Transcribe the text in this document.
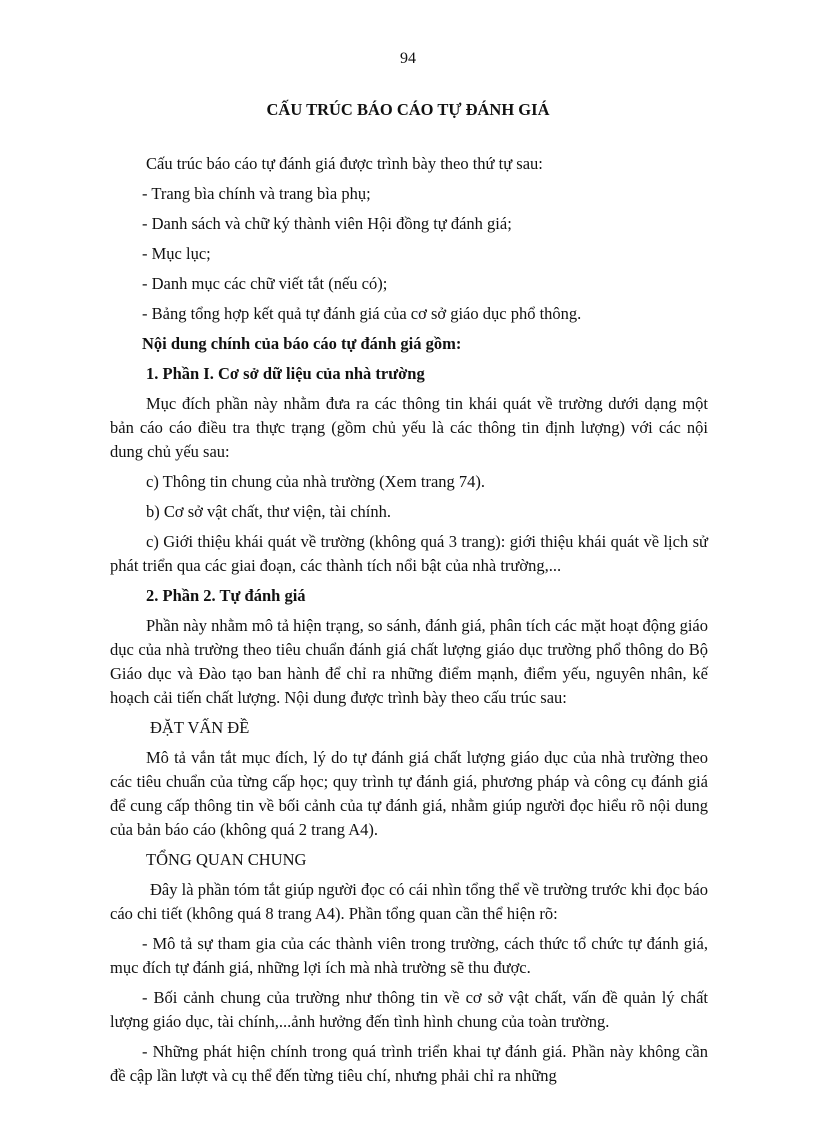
94
CẤU TRÚC BÁO CÁO TỰ ĐÁNH GIÁ

Cấu trúc báo cáo tự đánh giá được trình bày theo thứ tự sau:

- Trang bìa chính và trang bìa phụ;

- Danh sách và chữ ký thành viên Hội đồng tự đánh giá;

- Mục lục;

- Danh mục các chữ viết tắt (nếu có);

- Bảng tổng hợp kết quả tự đánh giá của cơ sở giáo dục phổ thông.

Nội dung chính của báo cáo tự đánh giá gồm:

1. Phần I. Cơ sở dữ liệu của nhà trường

Mục đích phần này nhằm đưa ra các thông tin khái quát về trường dưới dạng một bản cáo cáo điều tra thực trạng (gồm chủ yếu là các thông tin định lượng) với các nội dung chủ yếu sau:

c) Thông tin chung của nhà trường (Xem trang 74).

b) Cơ sở vật chất, thư viện, tài chính.

c) Giới thiệu khái quát về trường (không quá 3 trang): giới thiệu khái quát về lịch sử phát triển qua các giai đoạn, các thành tích nổi bật của nhà trường,...

2. Phần 2. Tự đánh giá

Phần này nhằm mô tả hiện trạng, so sánh, đánh giá, phân tích các mặt hoạt động giáo dục của nhà trường theo tiêu chuẩn đánh giá chất lượng giáo dục trường phổ thông do Bộ Giáo dục và Đào tạo ban hành để chỉ ra những điểm mạnh, điểm yếu, nguyên nhân, kế hoạch cải tiến chất lượng. Nội dung được trình bày theo cấu trúc sau:

ĐẶT VẤN ĐỀ

Mô tả vắn tắt mục đích, lý do tự đánh giá chất lượng giáo dục của nhà trường theo các tiêu chuẩn của từng cấp học; quy trình tự đánh giá, phương pháp và công cụ đánh giá để cung cấp thông tin về bối cảnh của tự đánh giá, nhằm giúp người đọc hiểu rõ nội dung của bản báo cáo (không quá 2 trang A4).

TỔNG QUAN CHUNG

Đây là phần tóm tắt giúp người đọc có cái nhìn tổng thể về trường trước khi đọc báo cáo chi tiết (không quá 8 trang A4). Phần tổng quan cần thể hiện rõ:

- Mô tả sự tham gia của các thành viên trong trường, cách thức tổ chức tự đánh giá, mục đích tự đánh giá, những lợi ích mà nhà trường sẽ thu được.

- Bối cảnh chung của trường như thông tin về cơ sở vật chất, vấn đề quản lý chất lượng giáo dục, tài chính,...ảnh hưởng đến tình hình chung của toàn trường.

- Những phát hiện chính trong quá trình triển khai tự đánh giá. Phần này không cần đề cập lần lượt và cụ thể đến từng tiêu chí, nhưng phải chỉ ra những
